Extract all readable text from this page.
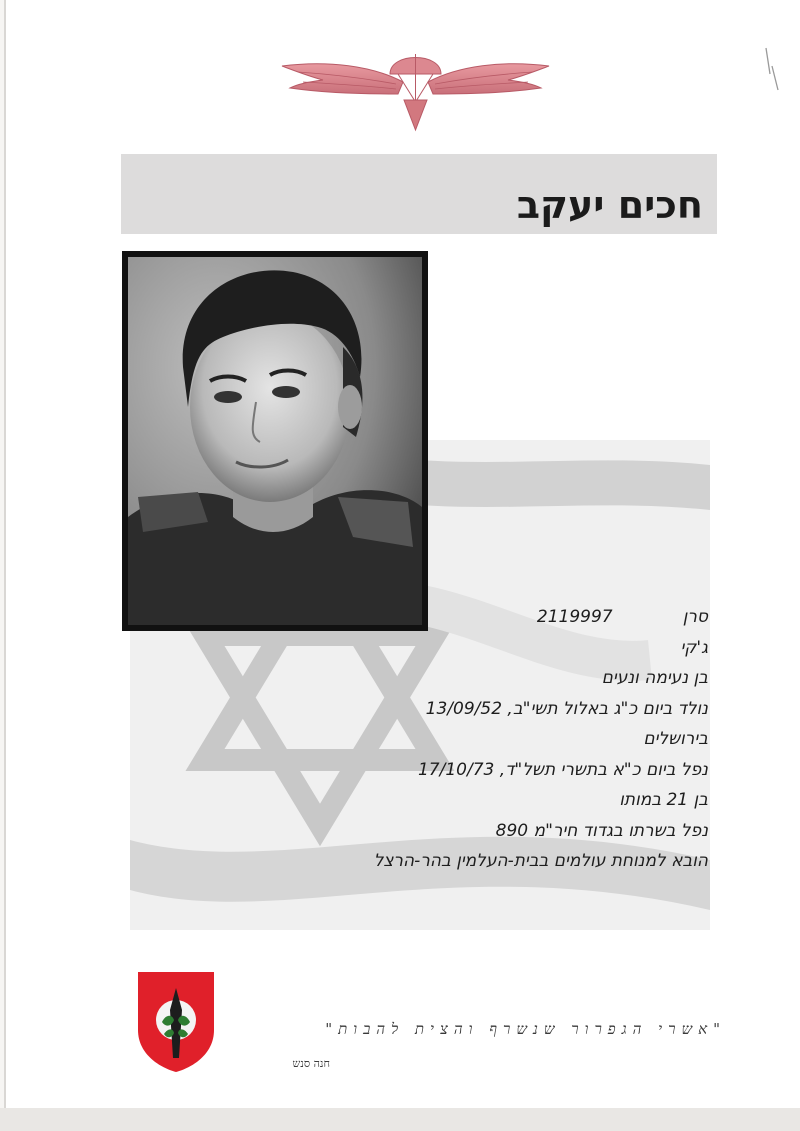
חכים יעקב
סרן 2119997
ג'קי
בן נעימה ונעים
נולד ביום כ"ג באלול תשי"ב, 13/09/52
בירושלים
נפל ביום כ"א בתשרי תשל"ד, 17/10/73
בן 21 במותו
נפל בשרתו בגדוד חיר"מ 890
הובא למנוחת עולמים בבית-העלמין בהר-הרצל
"אשרי הגפרור שנשרף והצית להבות"
חנה סנש
